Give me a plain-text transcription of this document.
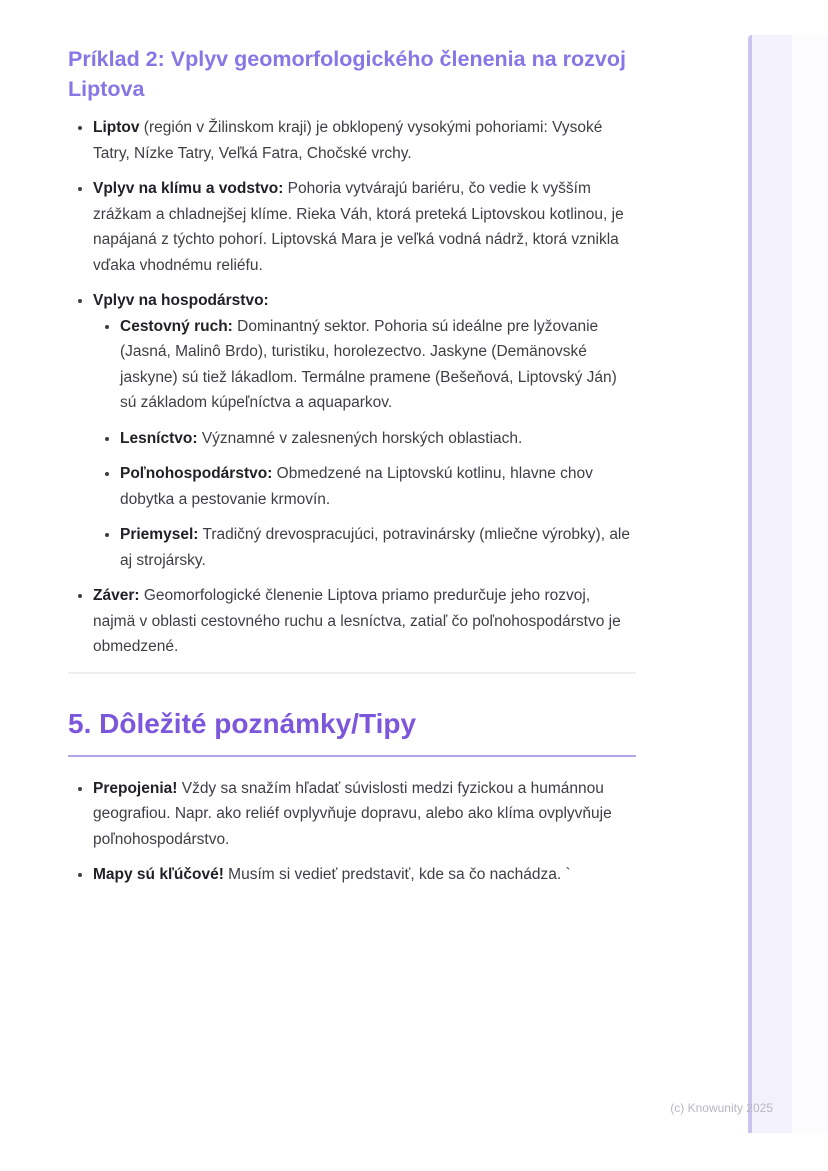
Príklad 2: Vplyv geomorfologického členenia na rozvoj Liptova
• Liptov (región v Žilinskom kraji) je obklopený vysokými pohoriami: Vysoké Tatry, Nízke Tatry, Veľká Fatra, Chočské vrchy.
• Vplyv na klímu a vodstvo: Pohoria vytvárajú bariéru, čo vedie k vyšším zrážkam a chladnejšej klíme. Rieka Váh, ktorá preteká Liptovskou kotlinou, je napájaná z týchto pohorí. Liptovská Mara je veľká vodná nádrž, ktorá vznikla vďaka vhodnému reliéfu.
• Vplyv na hospodárstvo:
• Cestovný ruch: Dominantný sektor. Pohoria sú ideálne pre lyžovanie (Jasná, Malinô Brdo), turistiku, horolezectvo. Jaskyne (Demänovské jaskyne) sú tiež lákadlom. Termálne pramene (Bešeňová, Liptovský Ján) sú základom kúpeľníctva a aquaparkov.
• Lesníctvo: Významné v zalesnených horských oblastiach.
• Poľnohospodárstvo: Obmedzené na Liptovskú kotlinu, hlavne chov dobytka a pestovanie krmovín.
• Priemysel: Tradičný drevospracujúci, potravinársky (mliečne výrobky), ale aj strojársky.
• Záver: Geomorfologické členenie Liptova priamo predurčuje jeho rozvoj, najmä v oblasti cestovného ruchu a lesníctva, zatiaľ čo poľnohospodárstvo je obmedzené.
5. Dôležité poznámky/Tipy
• Prepojenia! Vždy sa snažím hľadať súvislosti medzi fyzickou a humánnou geografiou. Napr. ako reliéf ovplyvňuje dopravu, alebo ako klíma ovplyvňuje poľnohospodárstvo.
• Mapy sú kľúčové! Musím si vedieť predstaviť, kde sa čo nachádza. `
(c) Knowunity 2025
